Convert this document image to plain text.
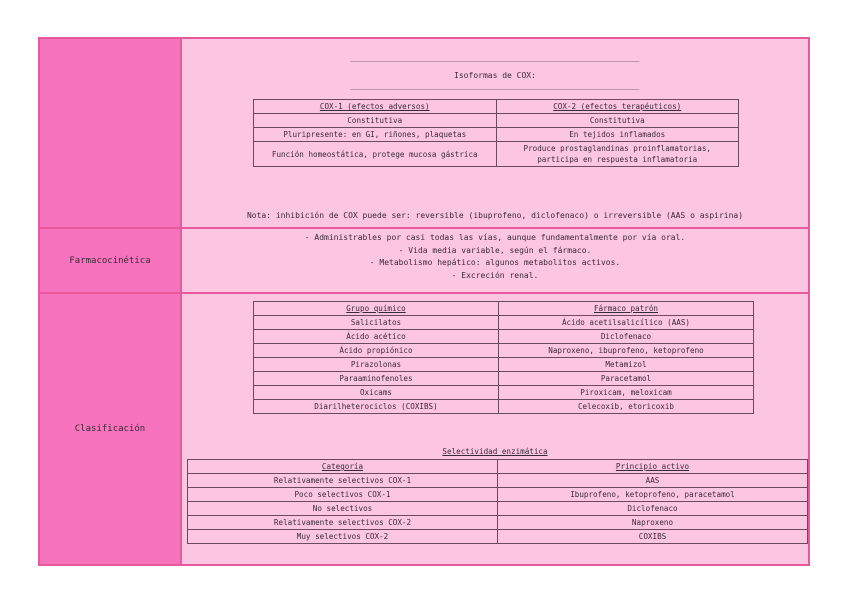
____________________________________________________________
Isoformas de COX:
____________________________________________________________
COX-1 (efectos adversos)	COX-2 (efectos terapéuticos)
Constitutiva	Constitutiva
Pluripresente: en GI, riñones, plaquetas	En tejidos inflamados
Función homeostática, protege mucosa gástrica	Produce prostaglandinas proinflamatorias, participa en respuesta inflamatoria
Nota: inhibición de COX puede ser: reversible (ibuprofeno, diclofenaco) o irreversible (AAS o aspirina)
Farmacocinética
- Administrables por casi todas las vías, aunque fundamentalmente por vía oral.
- Vida media variable, según el fármaco.
- Metabolismo hepático: algunos metabolitos activos.
- Excreción renal.
Clasificación
Grupo químico	Fármaco patrón
Salicilatos	Ácido acetilsalicílico (AAS)
Ácido acético	Diclofenaco
Ácido propiónico	Naproxeno, ibuprofeno, ketoprofeno
Pirazolonas	Metamizol
Paraaminofenoles	Paracetamol
Oxicams	Piroxicam, meloxicam
Diarilheterociclos (COXIBS)	Celecoxib, etoricoxib
Selectividad enzimática
Categoría	Principio activo
Relativamente selectivos COX-1	AAS
Poco selectivos COX-1	Ibuprofeno, ketoprofeno, paracetamol
No selectivos	Diclofenaco
Relativamente selectivos COX-2	Naproxeno
Muy selectivos COX-2	COXIBS
